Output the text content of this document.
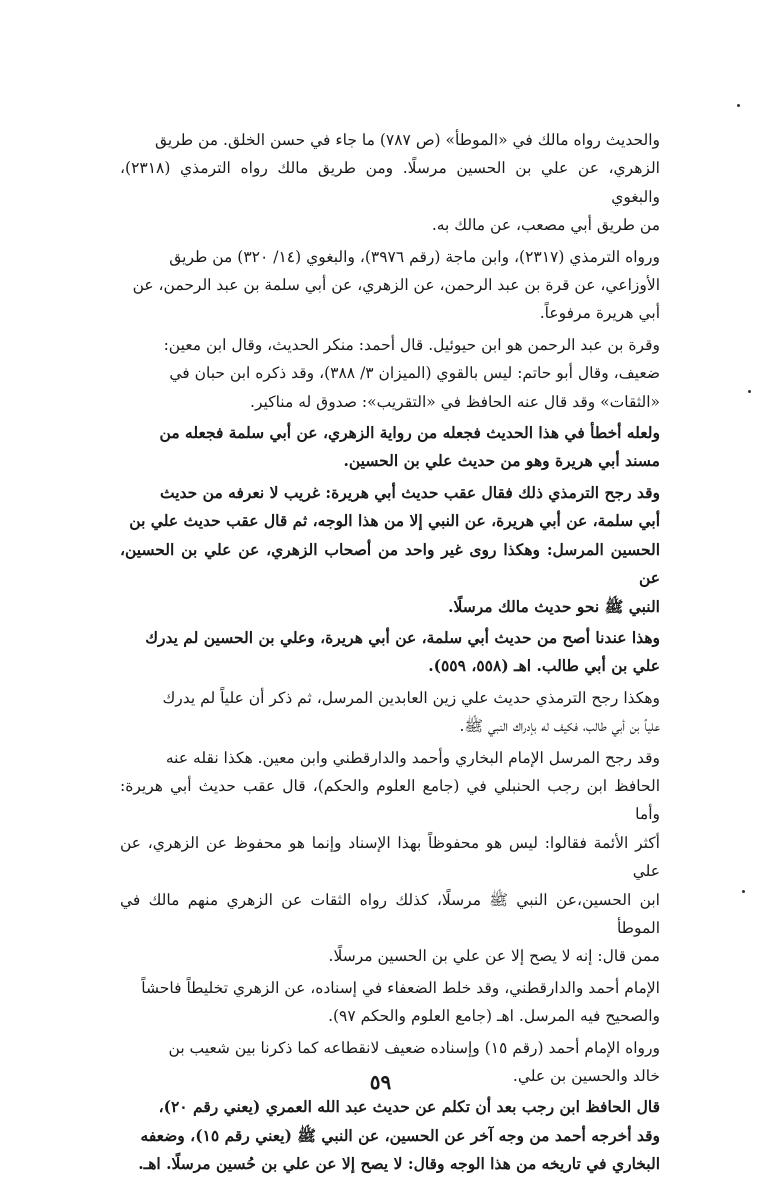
والحديث رواه مالك في «الموطأ» (ص ٧٨٧) ما جاء في حسن الخلق. من طريق
الزهري، عن علي بن الحسين مرسلًا. ومن طريق مالك رواه الترمذي (٢٣١٨)، والبغوي
من طريق أبي مصعب، عن مالك به.

ورواه الترمذي (٢٣١٧)، وابن ماجة (رقم ٣٩٧٦)، والبغوي (١٤/ ٣٢٠) من طريق
الأوزاعي، عن قرة بن عبد الرحمن، عن الزهري، عن أبي سلمة بن عبد الرحمن، عن
أبي هريرة مرفوعاً.

وقرة بن عبد الرحمن هو ابن حيوئيل. قال أحمد: منكر الحديث، وقال ابن معين:
ضعيف، وقال أبو حاتم: ليس بالقوي (الميزان ٣/ ٣٨٨)، وقد ذكره ابن حبان في
«الثقات» وقد قال عنه الحافظ في «التقريب»: صدوق له مناكير.

ولعله أخطأ في هذا الحديث فجعله من رواية الزهري، عن أبي سلمة فجعله من
مسند أبي هريرة وهو من حديث علي بن الحسين.

وقد رجح الترمذي ذلك فقال عقب حديث أبي هريرة: غريب لا نعرفه من حديث
أبي سلمة، عن أبي هريرة، عن النبي إلا من هذا الوجه، ثم قال عقب حديث علي بن
الحسين المرسل: وهكذا روى غير واحد من أصحاب الزهري، عن علي بن الحسين، عن
النبي ﷺ نحو حديث مالك مرسلًا.

وهذا عندنا أصح من حديث أبي سلمة، عن أبي هريرة، وعلي بن الحسين لم يدرك
علي بن أبي طالب. اهـ (٥٥٨، ٥٥٩).

وهكذا رجح الترمذي حديث علي زين العابدين المرسل، ثم ذكر أن علياً لم يدرك
علياً بن أبي طالب، فكيف له بإدراك النبي ﷺ.

وقد رجح المرسل الإمام البخاري وأحمد والدارقطني وابن معين. هكذا نقله عنه
الحافظ ابن رجب الحنبلي في (جامع العلوم والحكم)، قال عقب حديث أبي هريرة: وأما
أكثر الأئمة فقالوا: ليس هو محفوظاً بهذا الإسناد وإنما هو محفوظ عن الزهري، عن علي
ابن الحسين،عن النبي ﷺ مرسلًا، كذلك رواه الثقات عن الزهري منهم مالك في الموطأ
ممن قال: إنه لا يصح إلا عن علي بن الحسين مرسلًا.

الإمام أحمد والدارقطني، وقد خلط الضعفاء في إسناده، عن الزهري تخليطاً فاحشاً
والصحيح فيه المرسل. اهـ (جامع العلوم والحكم ٩٧).

ورواه الإمام أحمد (رقم ١٥) وإسناده ضعيف لانقطاعه كما ذكرنا بين شعيب بن
خالد والحسين بن علي.

قال الحافظ ابن رجب بعد أن تكلم عن حديث عبد الله العمري (يعني رقم ٢٠)،
وقد أخرجه أحمد من وجه آخر عن الحسين، عن النبي ﷺ (يعني رقم ١٥)، وضعفه
البخاري في تاريخه من هذا الوجه وقال: لا يصح إلا عن علي بن حُسين مرسلًا. اهـ.

٥٩
